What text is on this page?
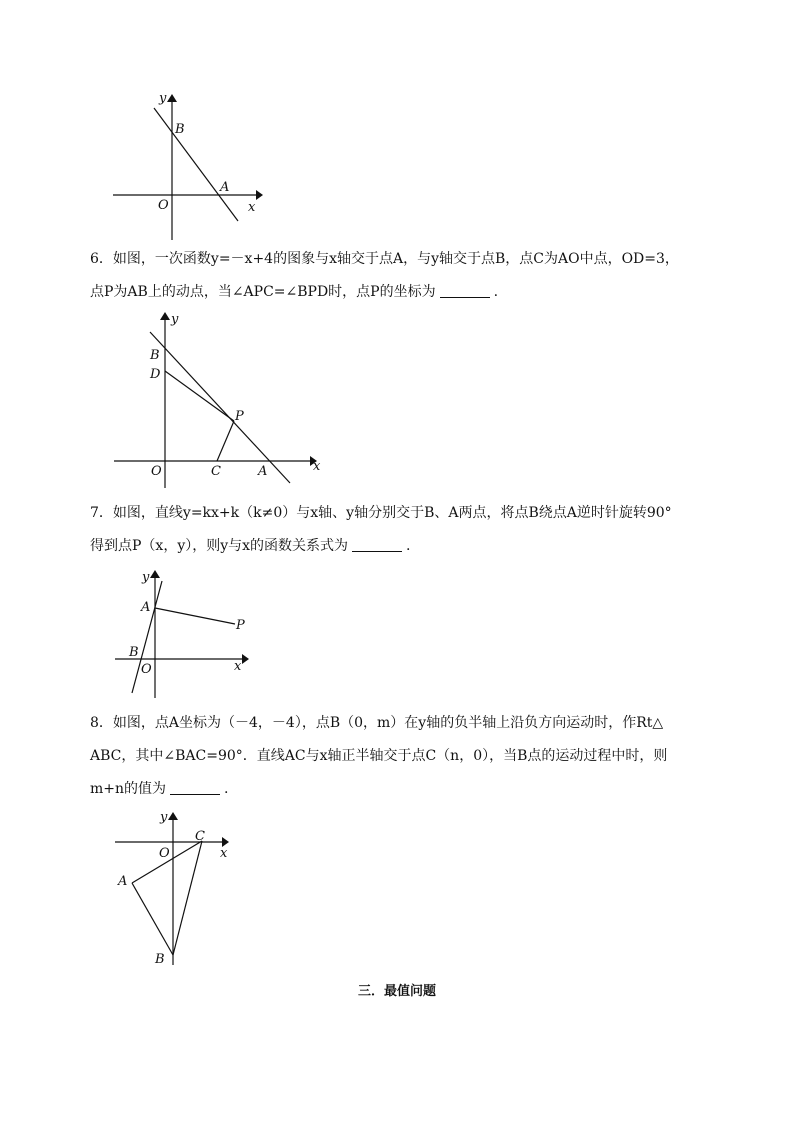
y
B
A
O	x

6．如图，一次函数y=－x+4的图象与x轴交于点A，与y轴交于点B，点C为AO中点，OD=3，

点P为AB上的动点，当∠APC=∠BPD时，点P的坐标为	.

y
B
D
P
O	C	A	x

7．如图，直线y=kx+k（k≠0）与x轴、y轴分别交于B、A两点，将点B绕点A逆时针旋转90°

得到点P（x，y），则y与x的函数关系式为	.

y
A
P
B
O	x

8．如图，点A坐标为（－4，－4），点B（0，m）在y轴的负半轴上沿负方向运动时，作Rt△

ABC，其中∠BAC=90°．直线AC与x轴正半轴交于点C（n，0），当B点的运动过程中时，则

m+n的值为	.

y
C
O	x
A
B
三．最值问题
